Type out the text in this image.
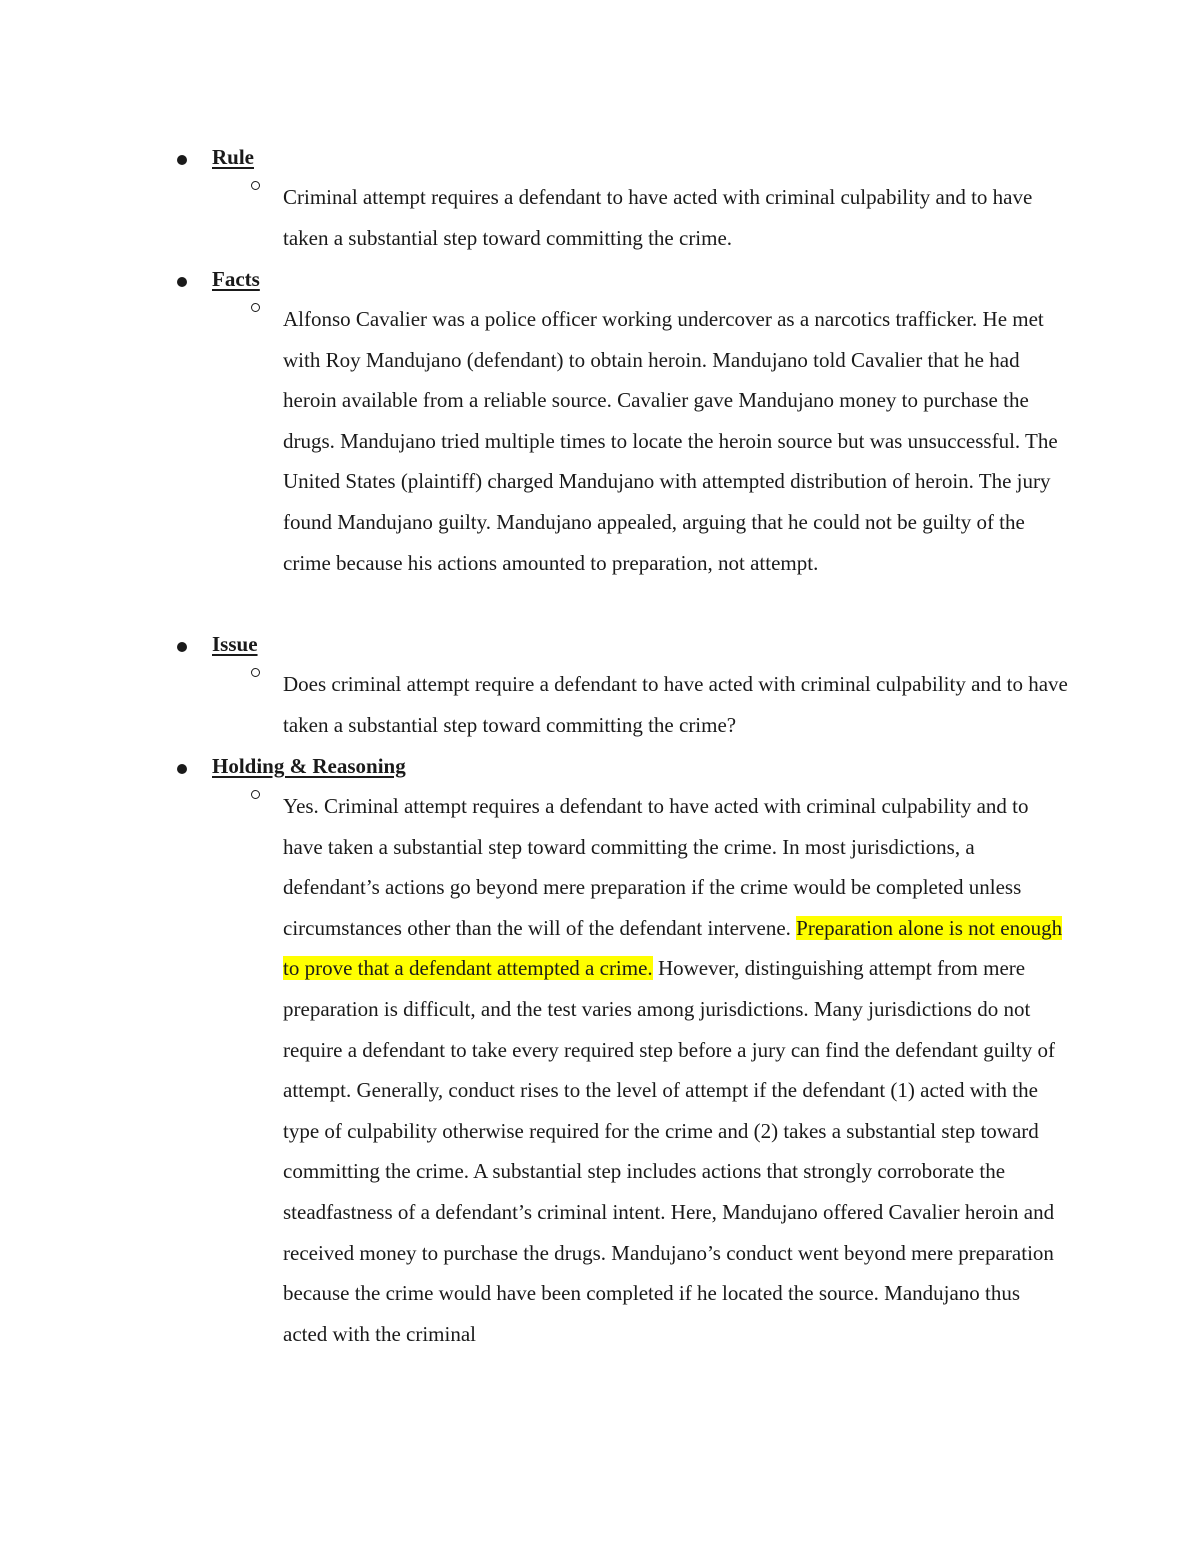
Rule
Criminal attempt requires a defendant to have acted with criminal culpability and to have taken a substantial step toward committing the crime.
Facts
Alfonso Cavalier was a police officer working undercover as a narcotics trafficker. He met with Roy Mandujano (defendant) to obtain heroin. Mandujano told Cavalier that he had heroin available from a reliable source. Cavalier gave Mandujano money to purchase the drugs. Mandujano tried multiple times to locate the heroin source but was unsuccessful. The United States (plaintiff) charged Mandujano with attempted distribution of heroin. The jury found Mandujano guilty. Mandujano appealed, arguing that he could not be guilty of the crime because his actions amounted to preparation, not attempt.
Issue
Does criminal attempt require a defendant to have acted with criminal culpability and to have taken a substantial step toward committing the crime?
Holding & Reasoning
Yes. Criminal attempt requires a defendant to have acted with criminal culpability and to have taken a substantial step toward committing the crime. In most jurisdictions, a defendant’s actions go beyond mere preparation if the crime would be completed unless circumstances other than the will of the defendant intervene. Preparation alone is not enough to prove that a defendant attempted a crime. However, distinguishing attempt from mere preparation is difficult, and the test varies among jurisdictions. Many jurisdictions do not require a defendant to take every required step before a jury can find the defendant guilty of attempt. Generally, conduct rises to the level of attempt if the defendant (1) acted with the type of culpability otherwise required for the crime and (2) takes a substantial step toward committing the crime. A substantial step includes actions that strongly corroborate the steadfastness of a defendant’s criminal intent. Here, Mandujano offered Cavalier heroin and received money to purchase the drugs. Mandujano’s conduct went beyond mere preparation because the crime would have been completed if he located the source. Mandujano thus acted with the criminal
